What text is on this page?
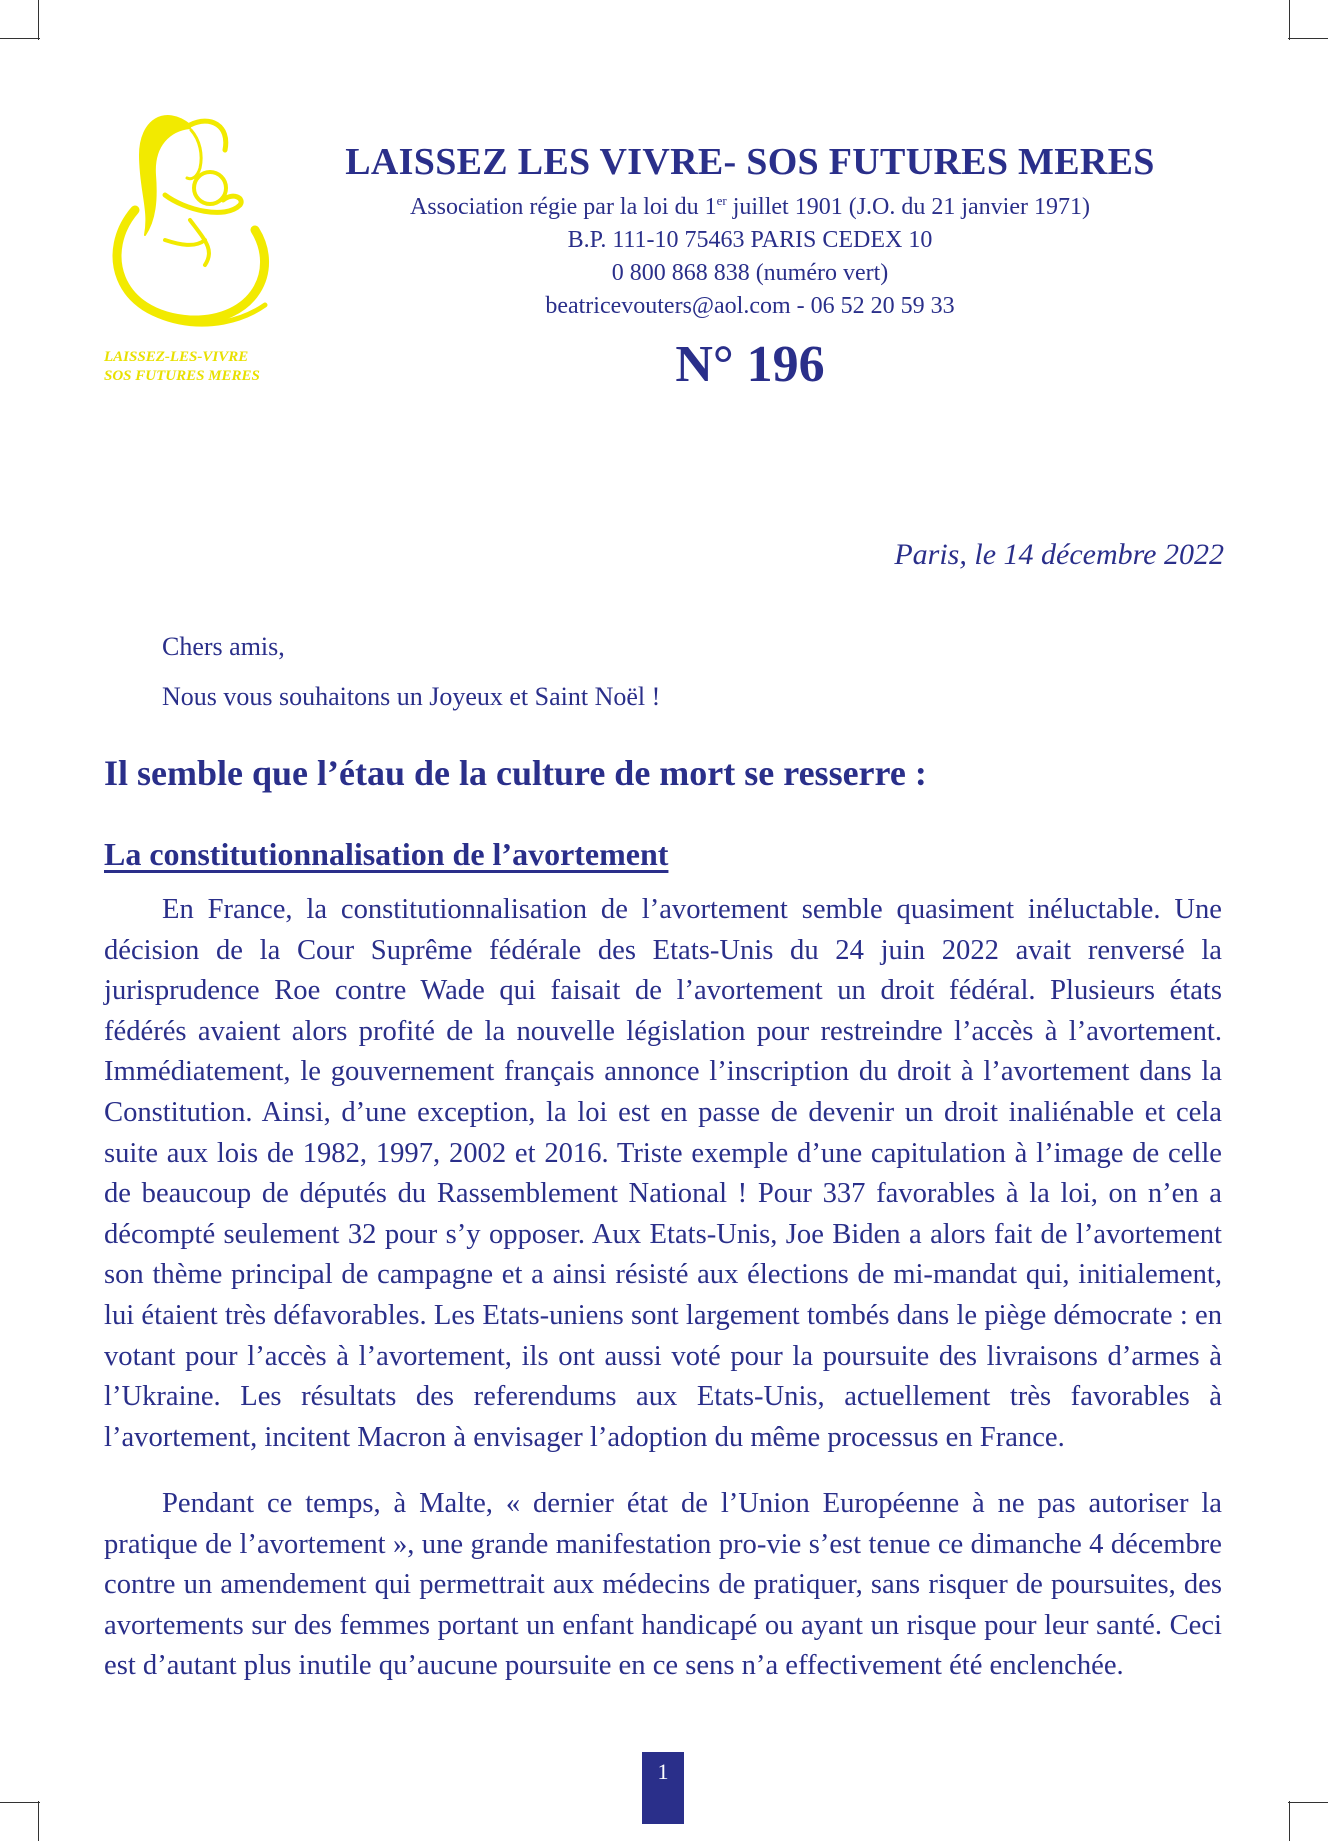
LAISSEZ-LES-VIVRE
SOS FUTURES MERES
LAISSEZ LES VIVRE- SOS FUTURES MERES
Association régie par la loi du 1er juillet 1901 (J.O. du 21 janvier 1971)
B.P. 111-10 75463 PARIS CEDEX 10
0 800 868 838 (numéro vert)
beatricevouters@aol.com - 06 52 20 59 33
N° 196
Paris, le 14 décembre 2022
Chers amis,
Nous vous souhaitons un Joyeux et Saint Noël !
Il semble que l’étau de la culture de mort se resserre :
La constitutionnalisation de l’avortement
En France, la constitutionnalisation de l’avortement semble quasiment inéluctable. Une décision de la Cour Suprême fédérale des Etats-Unis du 24 juin 2022 avait renversé la jurisprudence Roe contre Wade qui faisait de l’avortement un droit fédéral. Plusieurs états fédérés avaient alors profité de la nouvelle législation pour restreindre l’accès à l’avortement. Immédiatement, le gouvernement français annonce l’inscription du droit à l’avortement dans la Constitution. Ainsi, d’une exception, la loi est en passe de devenir un droit inaliénable et cela suite aux lois de 1982, 1997, 2002 et 2016. Triste exemple d’une capitulation à l’image de celle de beaucoup de députés du Rassemblement National ! Pour 337 favorables à la loi, on n’en a décompté seulement 32 pour s’y opposer. Aux Etats-Unis, Joe Biden a alors fait de l’avortement son thème principal de campagne et a ainsi résisté aux élections de mi-mandat qui, initialement, lui étaient très défavorables. Les Etats-uniens sont largement tombés dans le piège démocrate : en votant pour l’accès à l’avortement, ils ont aussi voté pour la poursuite des livraisons d’armes à l’Ukraine. Les résultats des referendums aux Etats-Unis, actuellement très favorables à l’avortement, incitent Macron à envisager l’adoption du même processus en France.
Pendant ce temps, à Malte, « dernier état de l’Union Européenne à ne pas autoriser la pratique de l’avortement », une grande manifestation pro-vie s’est tenue ce dimanche 4 décembre contre un amendement qui permettrait aux médecins de pratiquer, sans risquer de poursuites, des avortements sur des femmes portant un enfant handicapé ou ayant un risque pour leur santé. Ceci est d’autant plus inutile qu’aucune poursuite en ce sens n’a effectivement été enclenchée.
1
